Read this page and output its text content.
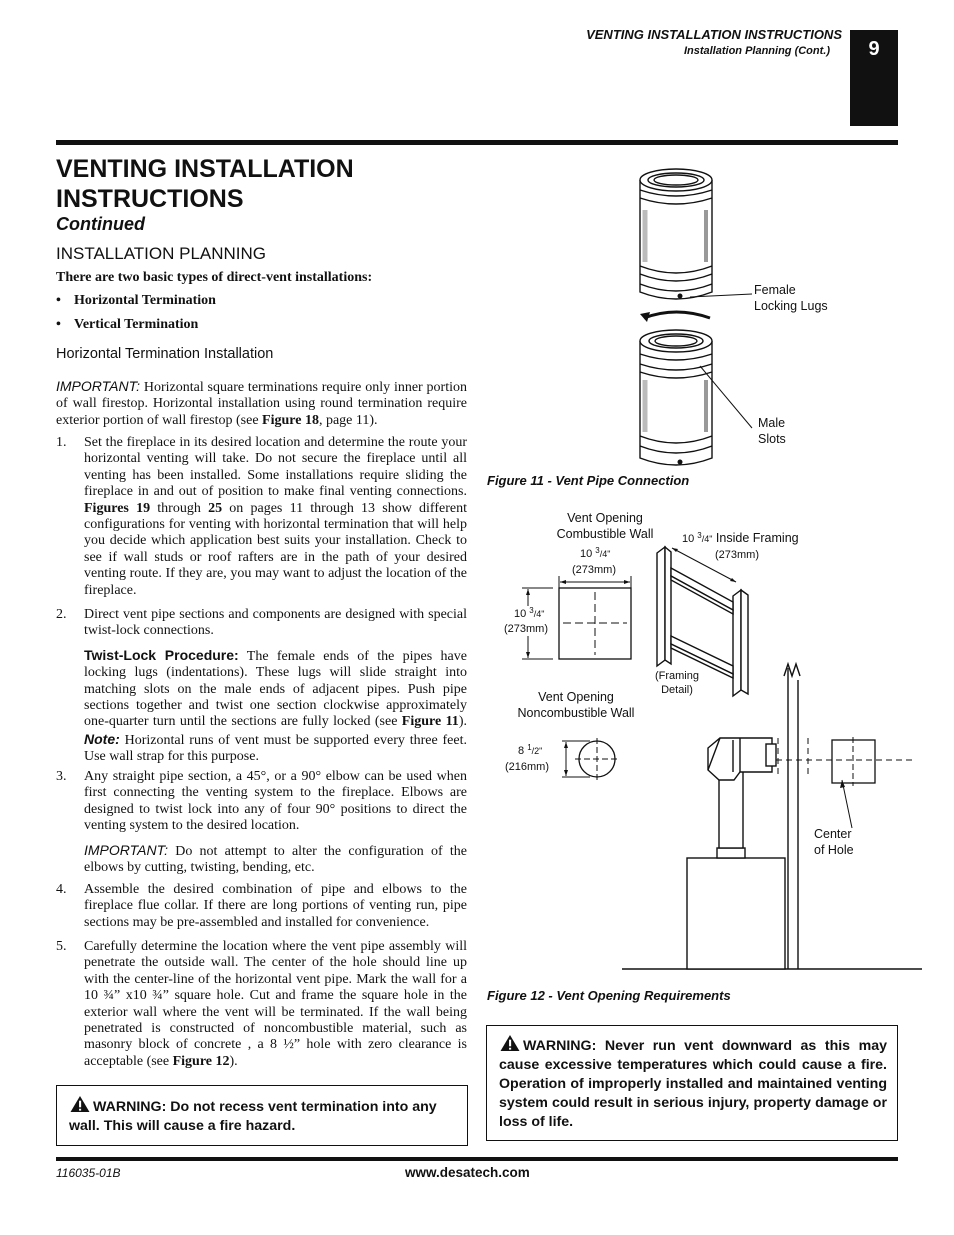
VENTING INSTALLATION INSTRUCTIONS
Installation Planning (Cont.)	9
VENTING INSTALLATION INSTRUCTIONS
Continued
INSTALLATION PLANNING
There are two basic types of direct-vent installations:
• Horizontal Termination
• Vertical Termination
Horizontal Termination Installation
IMPORTANT: Horizontal square terminations require only inner portion of wall firestop. Horizontal installation using round termination require exterior portion of wall firestop (see Figure 18, page 11).
1. Set the fireplace in its desired location and determine the route your horizontal venting will take. Do not secure the fireplace until all venting has been installed. Some installations require sliding the fireplace in and out of position to make final venting connections. Figures 19 through 25 on pages 11 through 13 show different configurations for venting with horizontal termination that will help you decide which application best suits your installation. Check to see if wall studs or roof rafters are in the path of your desired venting route. If they are, you may want to adjust the location of the fireplace.
2. Direct vent pipe sections and components are designed with special twist-lock connections.

Twist-Lock Procedure: The female ends of the pipes have locking lugs (indentations). These lugs will slide straight into matching slots on the male ends of adjacent pipes. Push pipe sections together and twist one section clockwise approximately one-quarter turn until the sections are fully locked (see Figure 11). Note: Horizontal runs of vent must be supported every three feet. Use wall strap for this purpose.

3. Any straight pipe section, a 45°, or a 90° elbow can be used when first connecting the venting system to the fireplace. Elbows are designed to twist lock into any of four 90° positions to direct the venting system to the desired location.

IMPORTANT: Do not attempt to alter the configuration of the elbows by cutting, twisting, bending, etc.

4. Assemble the desired combination of pipe and elbows to the fireplace flue collar. If there are long portions of venting run, pipe sections may be pre-assembled and installed for convenience.
5. Carefully determine the location where the vent pipe assembly will penetrate the outside wall. The center of the hole should line up with the center-line of the horizontal vent pipe. Mark the wall for a 10 ¾” x10 ¾” square hole. Cut and frame the square hole in the exterior wall where the vent will be terminated. If the wall being penetrated is constructed of noncombustible material, such as masonry block of concrete , a 8 ½” hole with zero clearance is acceptable (see Figure 12).
WARNING: Do not recess vent termination into any wall. This will cause a fire hazard.
Female
Locking Lugs
Male
Slots
Vent Opening
Combustible Wall
10 $^3_{/4"}$
(273mm)
10 $^3_{/4"}$
(273mm)
10 $^3_{/4"}$ Inside Framing
(273mm)
(Framing
Detail)
Vent Opening
Noncombustible Wall
8 $^1_{/2"}$
(216mm)
Center
of Hole
Figure 11 - Vent Pipe Connection
Figure 12 - Vent Opening Requirements
WARNING: Never run vent downward as this may cause excessive temperatures which could cause a fire. Operation of improperly installed and maintained venting system could result in serious injury, property damage or loss of life.
116035-01B	www.desatech.com
